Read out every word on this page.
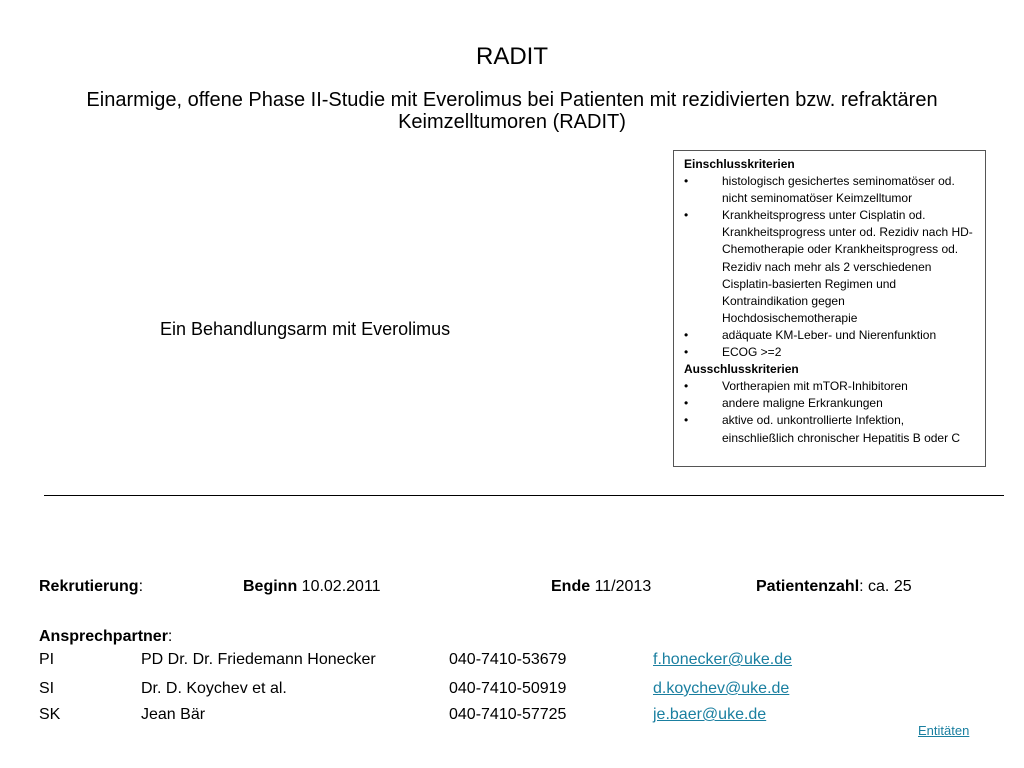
RADIT
Einarmige, offene Phase II-Studie mit Everolimus bei Patienten mit rezidivierten bzw. refraktären Keimzelltumoren (RADIT)
Ein Behandlungsarm mit Everolimus
Einschlusskriterien
•	histologisch gesichertes seminomatöser od. nicht seminomatöser Keimzelltumor
•	Krankheitsprogress unter Cisplatin od. Krankheitsprogress unter od. Rezidiv nach HD-Chemotherapie oder Krankheitsprogress od. Rezidiv nach mehr als 2 verschiedenen Cisplatin-basierten Regimen und Kontraindikation gegen Hochdosischemotherapie
•	adäquate KM-Leber- und Nierenfunktion
•	ECOG >=2
Ausschlusskriterien
•	Vortherapien mit mTOR-Inhibitoren
•	andere maligne Erkrankungen
•	aktive od. unkontrollierte Infektion, einschließlich chronischer Hepatitis B oder C
Rekrutierung:	Beginn 10.02.2011	Ende 11/2013	Patientenzahl: ca. 25
Ansprechpartner:
PI	PD Dr. Dr. Friedemann Honecker	040-7410-53679	f.honecker@uke.de
SI	Dr. D. Koychev et al.	040-7410-50919	d.koychev@uke.de
SK	Jean Bär	040-7410-57725	je.baer@uke.de
Entitäten
